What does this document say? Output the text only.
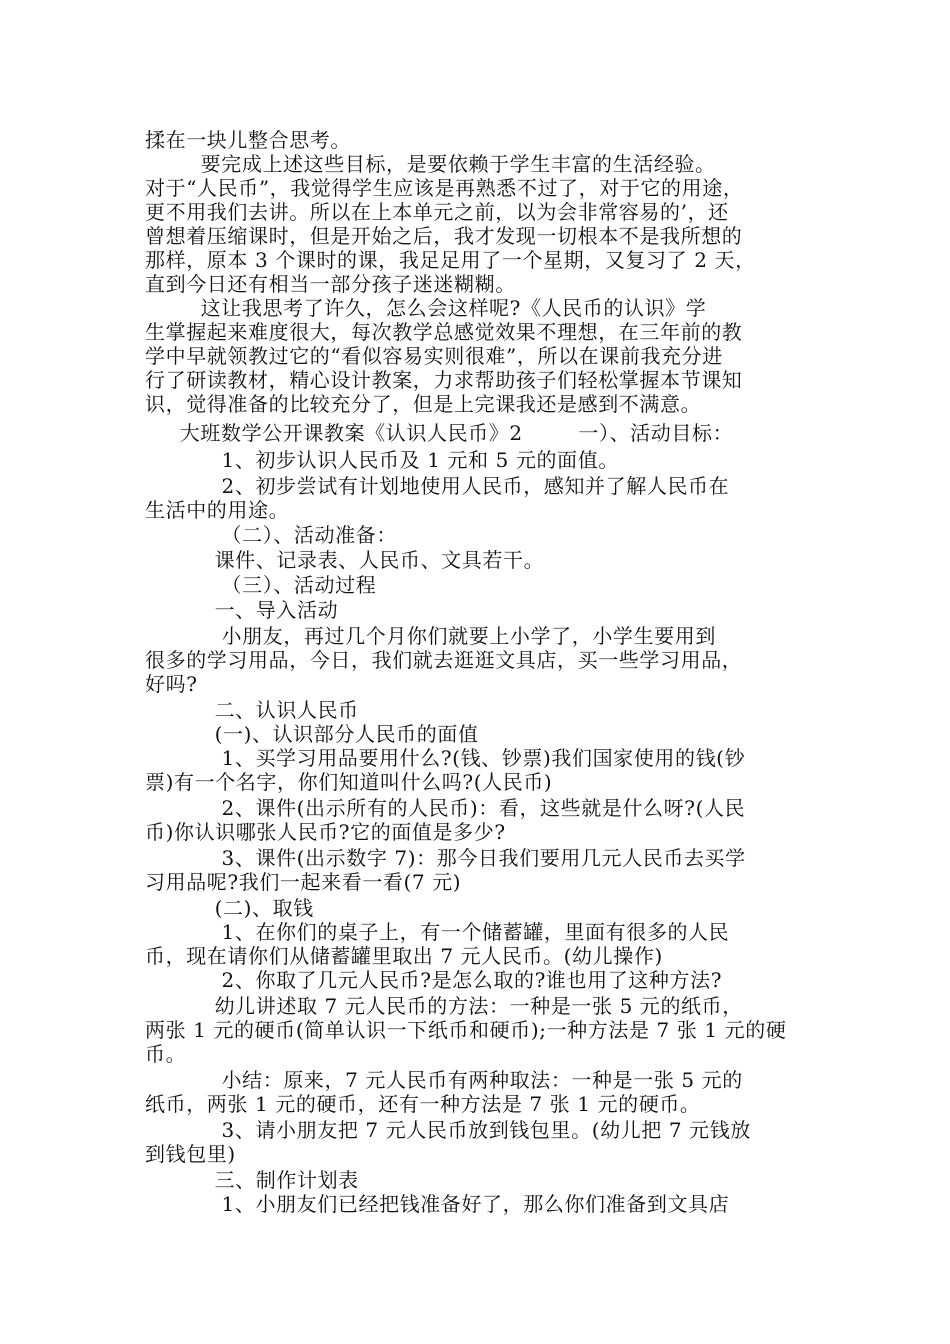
揉在一块儿整合思考。
要完成上述这些目标，是要依赖于学生丰富的生活经验。
对于“人民币”，我觉得学生应该是再熟悉不过了，对于它的用途，
更不用我们去讲。所以在上本单元之前，以为会非常容易的’，还
曾想着压缩课时，但是开始之后，我才发现一切根本不是我所想的
那样，原本 3 个课时的课，我足足用了一个星期，又复习了 2 天，
直到今日还有相当一部分孩子迷迷糊糊。
这让我思考了许久，怎么会这样呢?《人民币的认识》学
生掌握起来难度很大，每次教学总感觉效果不理想，在三年前的教
学中早就领教过它的“看似容易实则很难”，所以在课前我充分进
行了研读教材，精心设计教案，力求帮助孩子们轻松掌握本节课知
识，觉得准备的比较充分了，但是上完课我还是感到不满意。
大班数学公开课教案《认识人民币》2        一）、活动目标：
1、初步认识人民币及 1 元和 5 元的面值。
2、初步尝试有计划地使用人民币，感知并了解人民币在
生活中的用途。
（二）、活动准备：
课件、记录表、人民币、文具若干。
（三）、活动过程
一、导入活动
小朋友，再过几个月你们就要上小学了，小学生要用到
很多的学习用品，今日，我们就去逛逛文具店，买一些学习用品，
好吗?
二、认识人民币
(一)、认识部分人民币的面值
1、买学习用品要用什么?(钱、钞票)我们国家使用的钱(钞
票)有一个名字，你们知道叫什么吗?(人民币)
2、课件(出示所有的人民币)：看，这些就是什么呀?(人民
币)你认识哪张人民币?它的面值是多少?
3、课件(出示数字 7)：那今日我们要用几元人民币去买学
习用品呢?我们一起来看一看(7 元)
(二)、取钱
1、在你们的桌子上，有一个储蓄罐，里面有很多的人民
币，现在请你们从储蓄罐里取出 7 元人民币。(幼儿操作)
2、你取了几元人民币?是怎么取的?谁也用了这种方法?
幼儿讲述取 7 元人民币的方法：一种是一张 5 元的纸币，
两张 1 元的硬币(简单认识一下纸币和硬币);一种方法是 7 张 1 元的硬
币。
小结：原来，7 元人民币有两种取法：一种是一张 5 元的
纸币，两张 1 元的硬币，还有一种方法是 7 张 1 元的硬币。
3、请小朋友把 7 元人民币放到钱包里。(幼儿把 7 元钱放
到钱包里)
三、制作计划表
1、小朋友们已经把钱准备好了，那么你们准备到文具店
